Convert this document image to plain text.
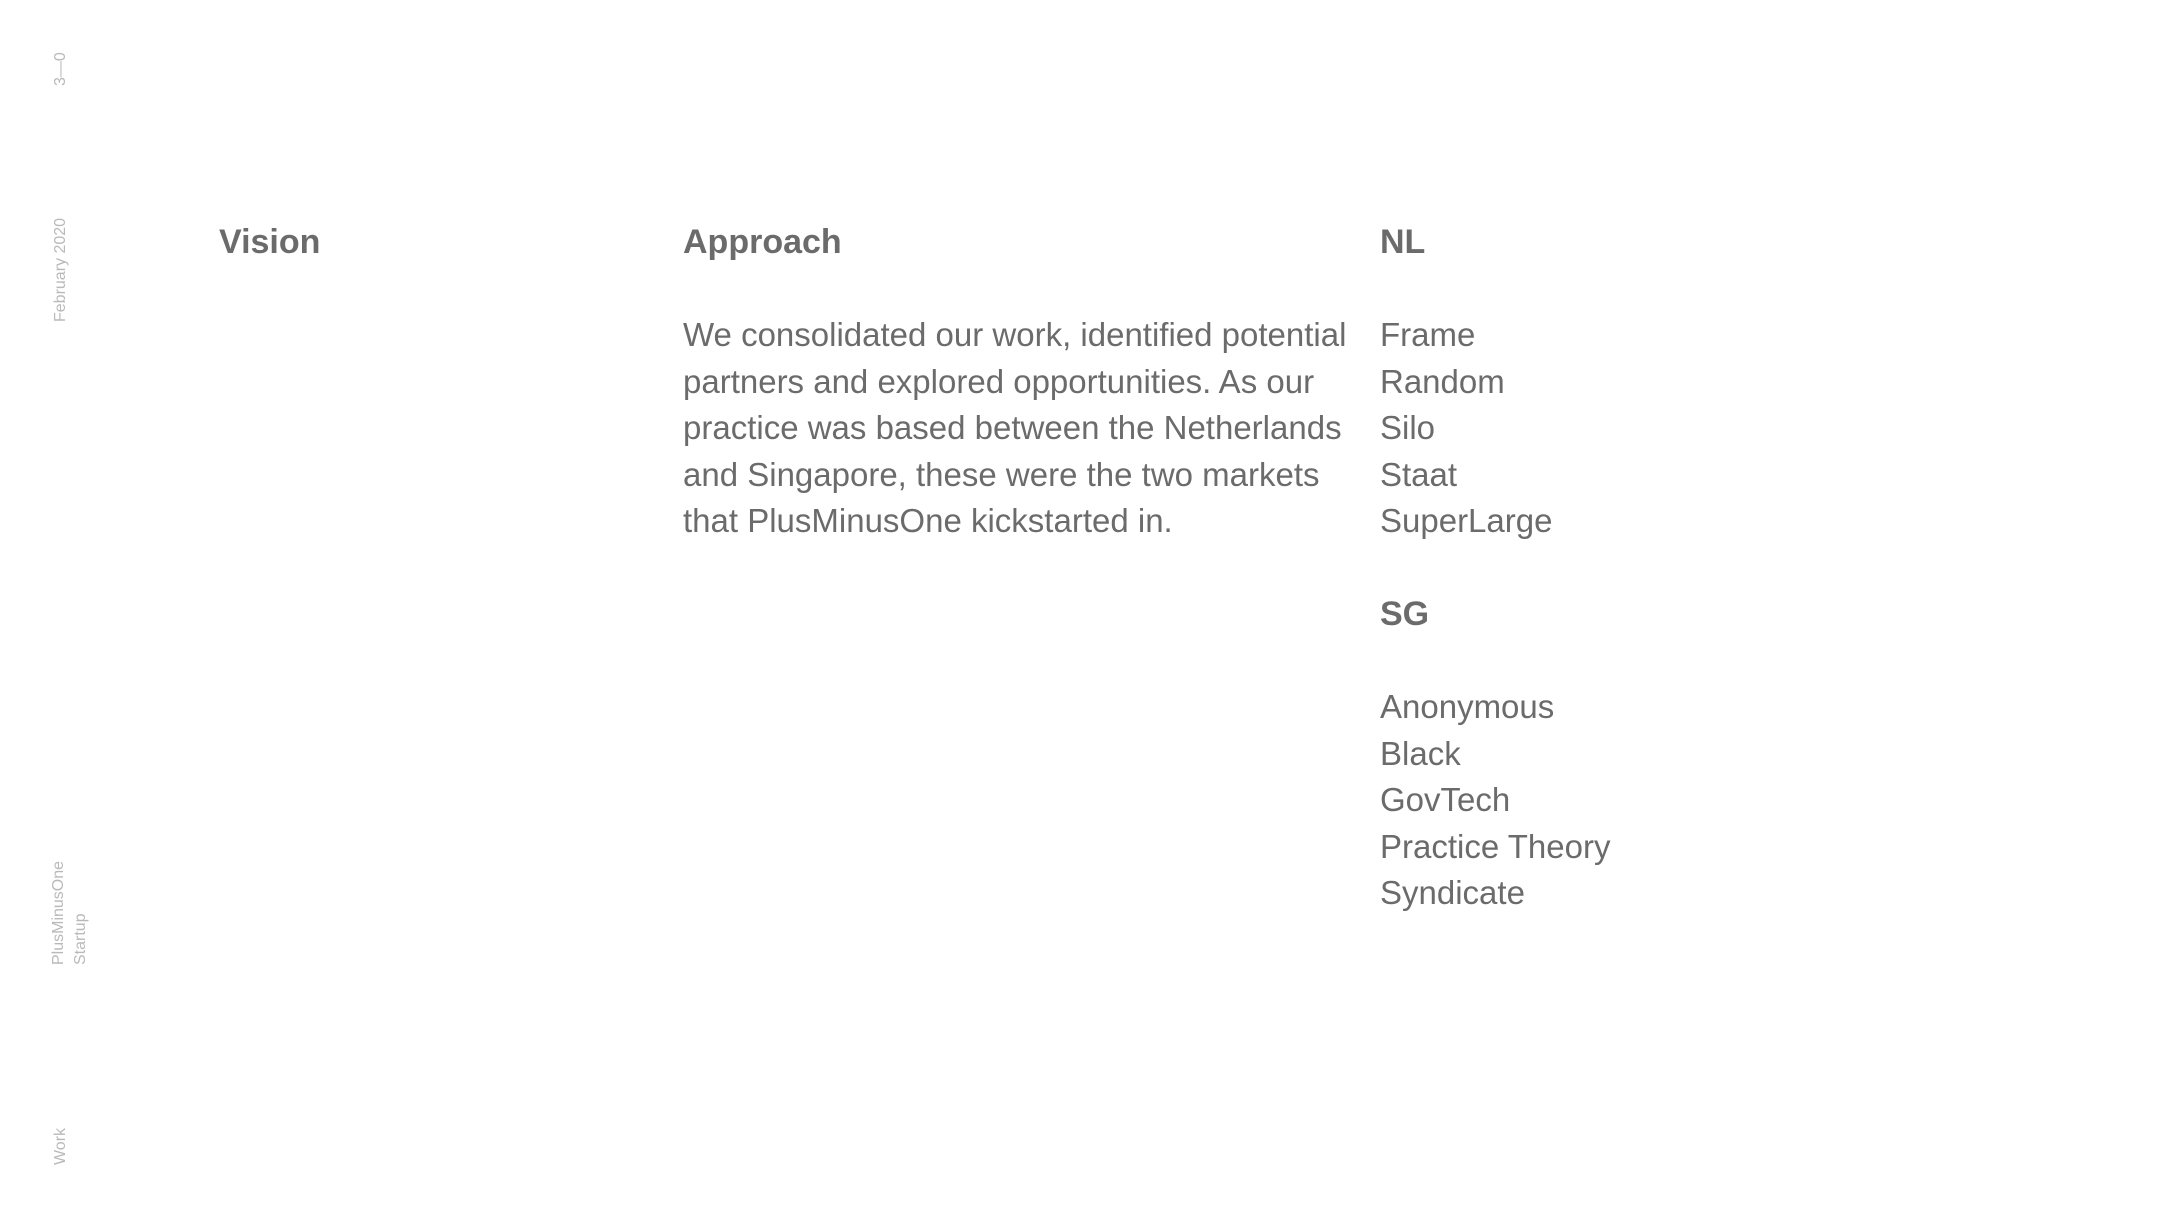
3—0
February 2020
PlusMinusOne Startup
Work
Vision	Approach

We consolidated our work, identified potential partners and explored opportunities. As our practice was based between the Netherlands and Singapore, these were the two markets that PlusMinusOne kickstarted in.

NL
Frame
Random
Silo
Staat
SuperLarge
SG
Anonymous
Black
GovTech
Practice Theory
Syndicate
